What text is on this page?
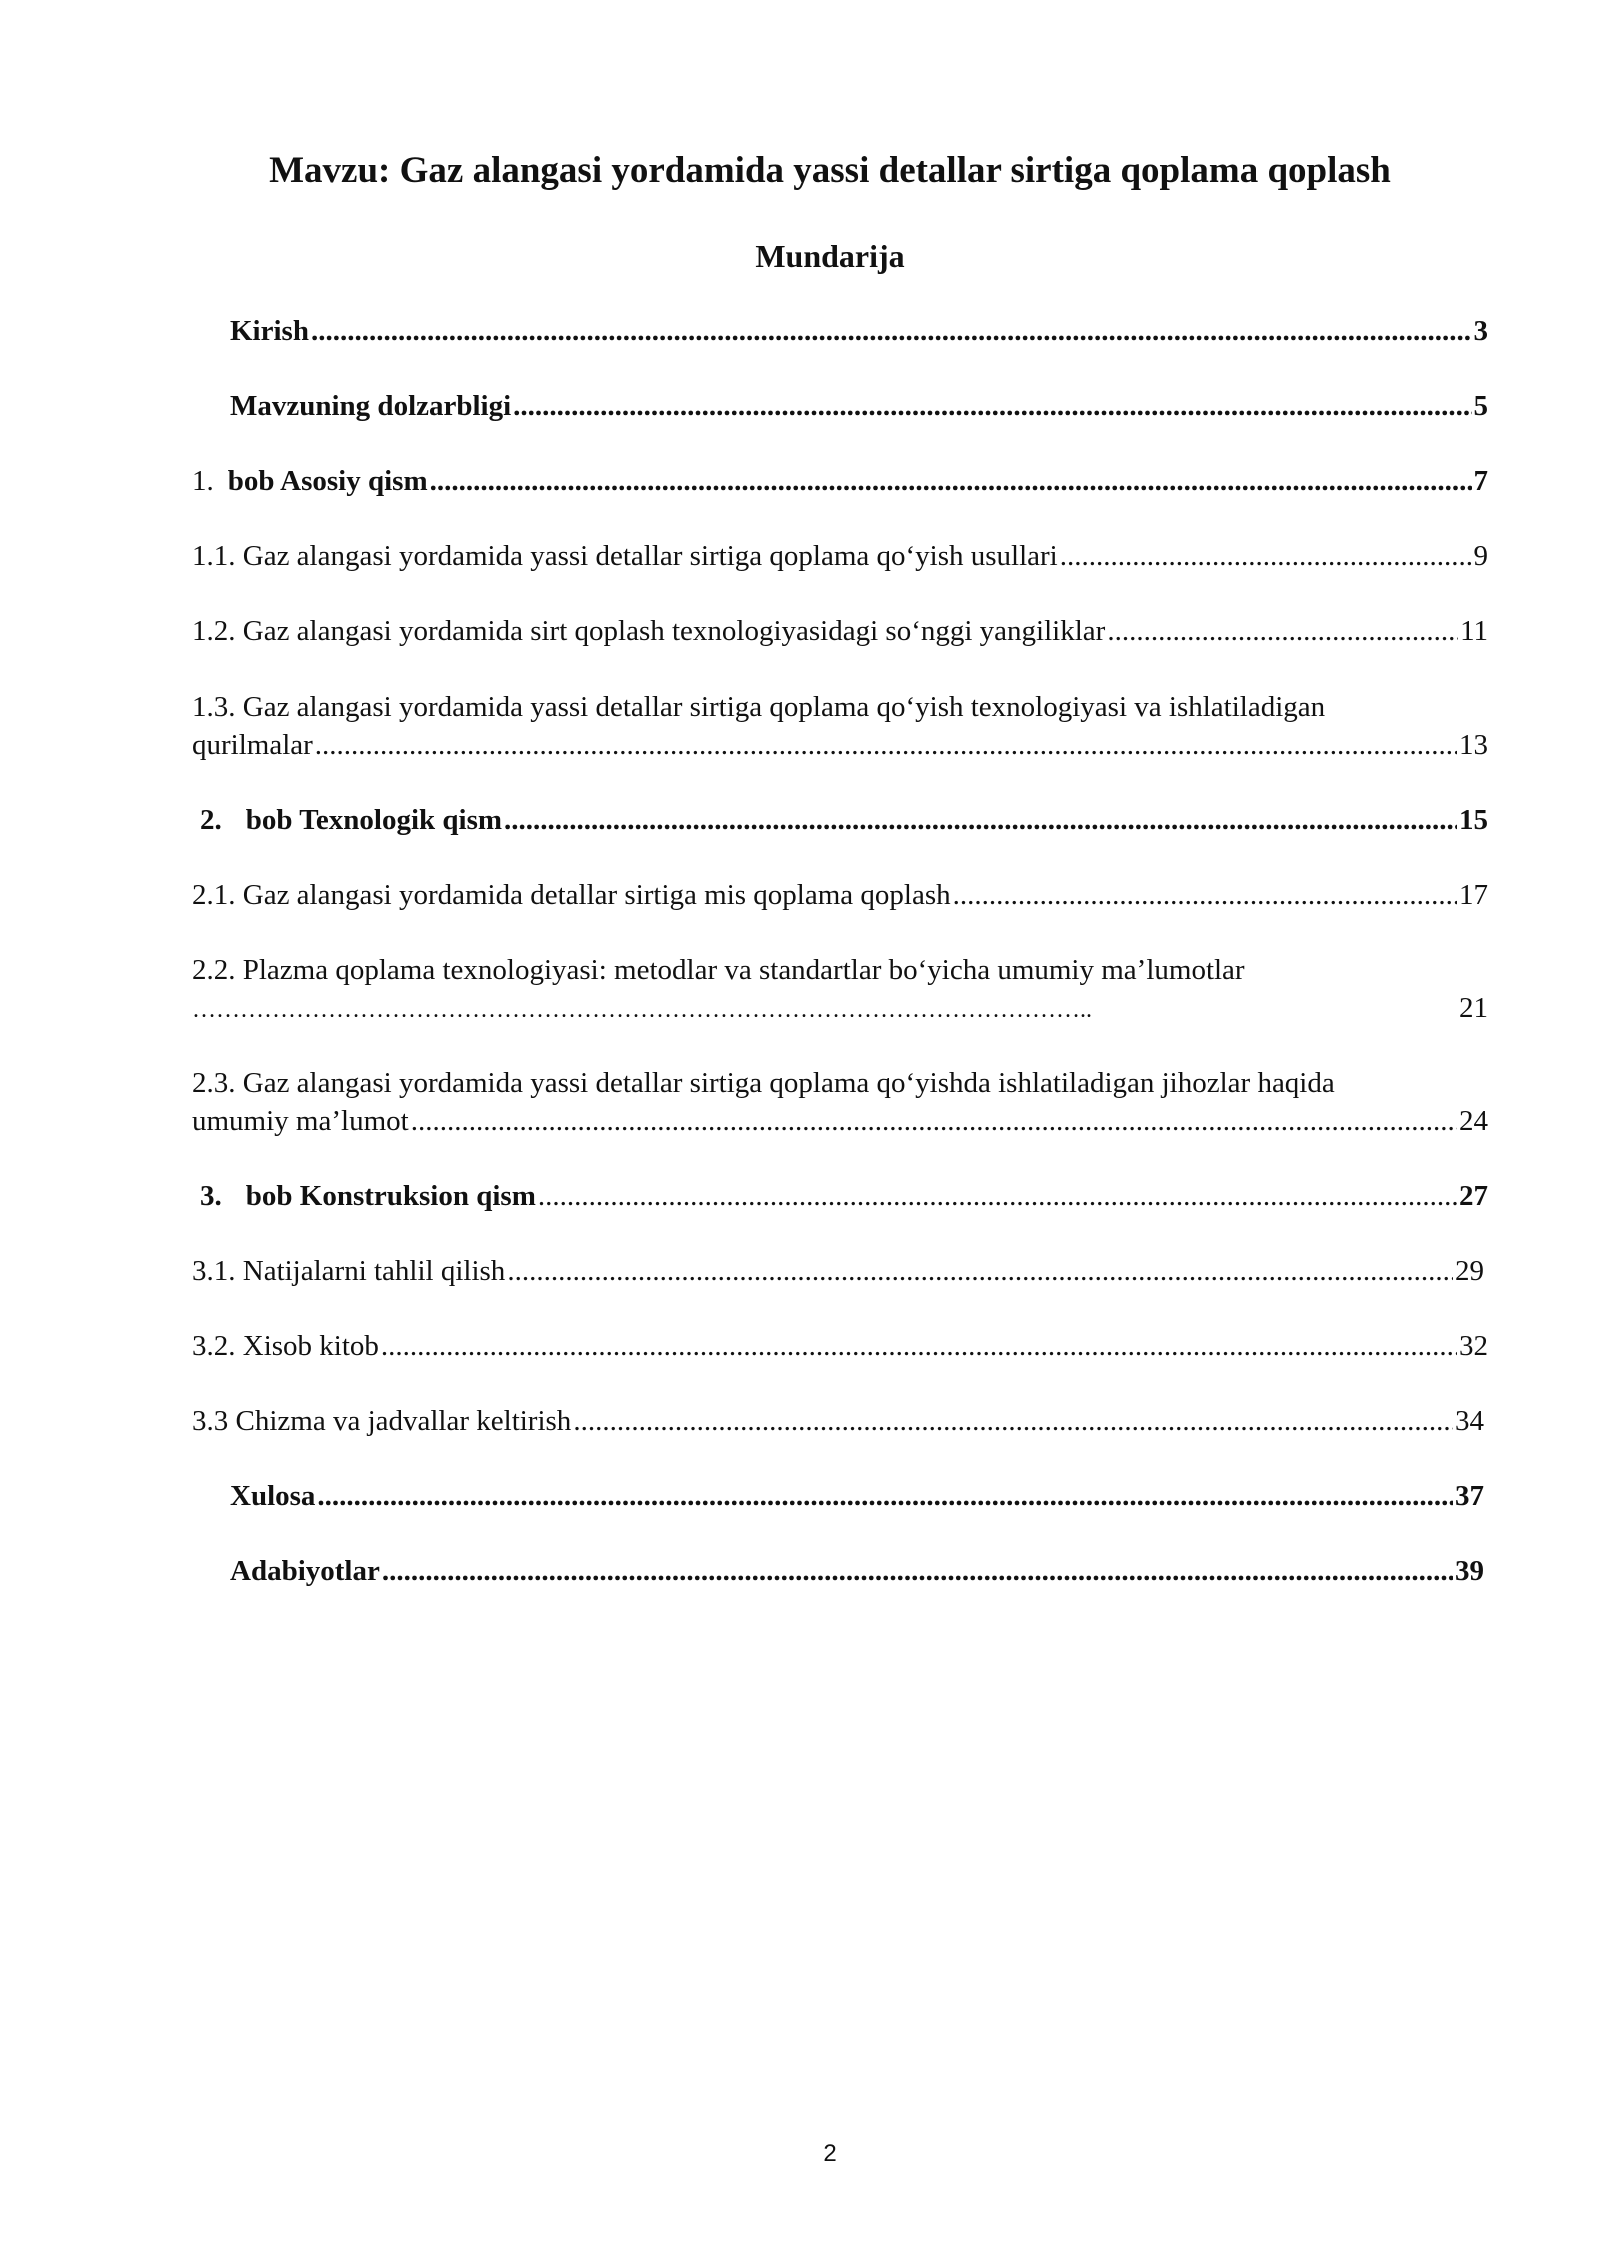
Mavzu: Gaz alangasi yordamida yassi detallar sirtiga qoplama qoplash
Mundarija
Kirish .....	3
Mavzuning dolzarbligi .....	5
1. bob Asosiy qism .....	7
1.1. Gaz alangasi yordamida yassi detallar sirtiga qoplama qo‘yish usullari .....	9
1.2. Gaz alangasi yordamida sirt qoplash texnologiyasidagi so‘nggi yangiliklar .....	11
1.3. Gaz alangasi yordamida yassi detallar sirtiga qoplama qo‘yish texnologiyasi va ishlatiladigan
qurilmalar .....	13
2. bob Texnologik qism .....	15
2.1. Gaz alangasi yordamida detallar sirtiga mis qoplama qoplash .....	17
2.2. Plazma qoplama texnologiyasi: metodlar va standartlar bo‘yicha umumiy ma’lumotlar
…………………………………………………………………………………………………..	21
2.3. Gaz alangasi yordamida yassi detallar sirtiga qoplama qo‘yishda ishlatiladigan jihozlar haqida
umumiy ma’lumot .....	24
3. bob Konstruksion qism .....	27
3.1. Natijalarni tahlil qilish .....	29
3.2. Xisob kitob .....	32
3.3 Chizma va jadvallar keltirish .....	34
Xulosa .....	37
Adabiyotlar .....	39
2
